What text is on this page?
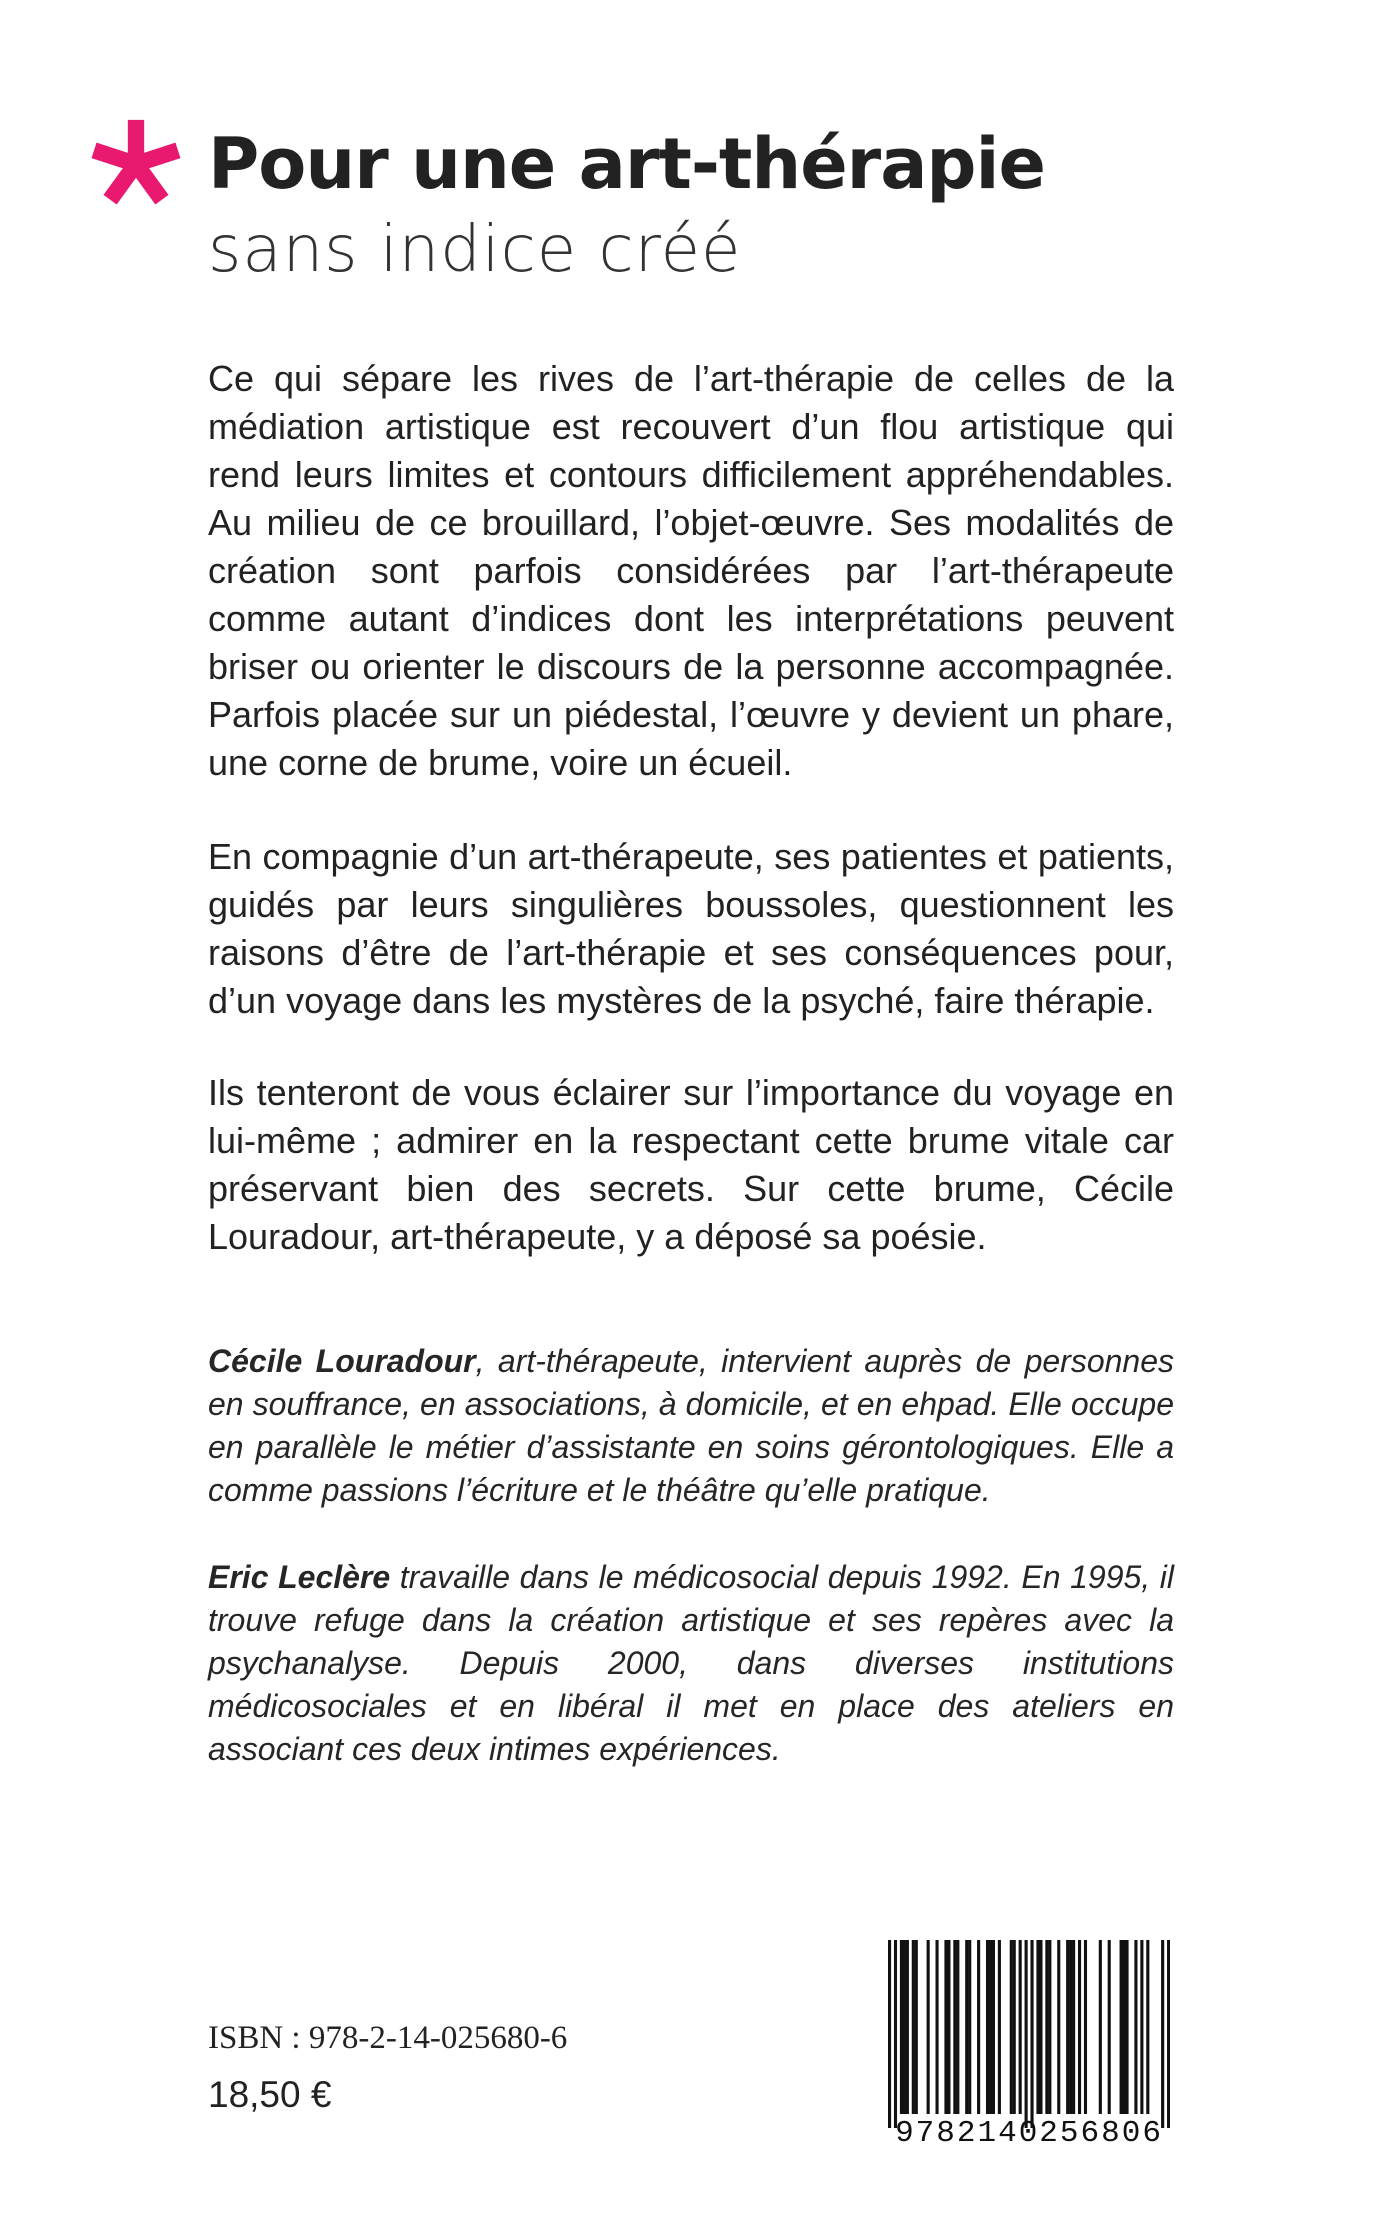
Pour une art-thérapie
sans indice créé
Ce qui sépare les rives de l’art-thérapie de celles de la médiation artistique est recouvert d’un flou artistique qui rend leurs limites et contours difficilement appréhendables. Au milieu de ce brouillard, l’objet-œuvre. Ses modalités de création sont parfois considérées par l’art-thérapeute comme autant d’indices dont les interprétations peuvent briser ou orienter le discours de la personne accompagnée. Parfois placée sur un piédestal, l’œuvre y devient un phare, une corne de brume, voire un écueil.
En compagnie d’un art-thérapeute, ses patientes et patients, guidés par leurs singulières boussoles, questionnent les raisons d’être de l’art-thérapie et ses conséquences pour, d’un voyage dans les mystères de la psyché, faire thérapie.
Ils tenteront de vous éclairer sur l’importance du voyage en lui-même ; admirer en la respectant cette brume vitale car préservant bien des secrets. Sur cette brume, Cécile Louradour, art-thérapeute, y a déposé sa poésie.
Cécile Louradour, art-thérapeute, intervient auprès de personnes en souffrance, en associations, à domicile, et en ehpad. Elle occupe en parallèle le métier d’assistante en soins gérontologiques. Elle a comme passions l’écriture et le théâtre qu’elle pratique.
Eric Leclère travaille dans le médicosocial depuis 1992. En 1995, il trouve refuge dans la création artistique et ses repères avec la psychanalyse. Depuis 2000, dans diverses institutions médicosociales et en libéral il met en place des ateliers en associant ces deux intimes expériences.
ISBN : 978-2-14-025680-6
18,50 €
9782140256806
